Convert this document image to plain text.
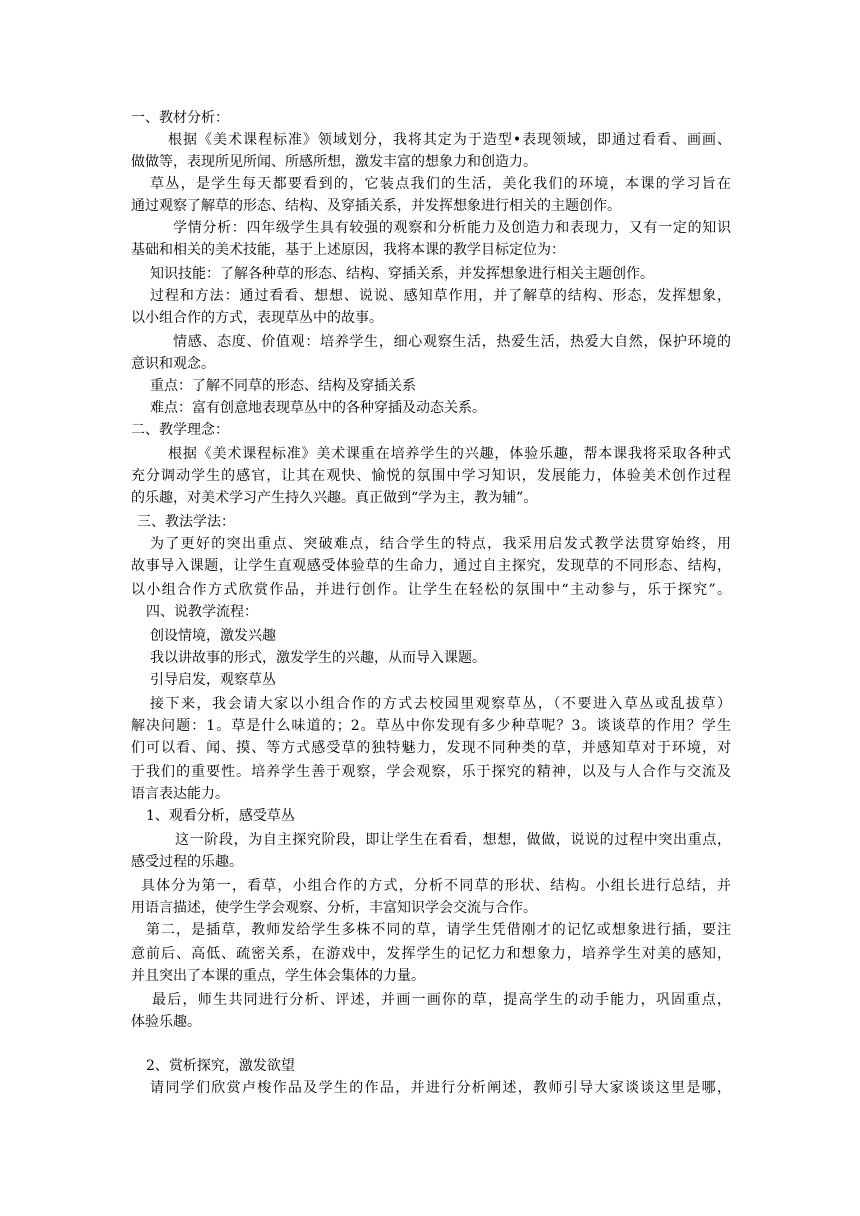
一、教材分析：
根据《美术课程标准》领域划分，我将其定为于造型•表现领域，即通过看看、画画、
做做等，表现所见所闻、所感所想，激发丰富的想象力和创造力。
草丛，是学生每天都要看到的，它装点我们的生活，美化我们的环境，本课的学习旨在
通过观察了解草的形态、结构、及穿插关系，并发挥想象进行相关的主题创作。
学情分析：四年级学生具有较强的观察和分析能力及创造力和表现力，又有一定的知识
基础和相关的美术技能，基于上述原因，我将本课的教学目标定位为：
知识技能：了解各种草的形态、结构、穿插关系，并发挥想象进行相关主题创作。
过程和方法：通过看看、想想、说说、感知草作用，并了解草的结构、形态，发挥想象，
以小组合作的方式，表现草丛中的故事。
情感、态度、价值观：培养学生，细心观察生活，热爱生活，热爱大自然，保护环境的
意识和观念。
重点：了解不同草的形态、结构及穿插关系
难点：富有创意地表现草丛中的各种穿插及动态关系。
二、教学理念：
根据《美术课程标准》美术课重在培养学生的兴趣，体验乐趣，帮本课我将采取各种式
充分调动学生的感官，让其在观快、愉悦的氛围中学习知识，发展能力，体验美术创作过程
的乐趣，对美术学习产生持久兴趣。真正做到“学为主，教为辅”。
三、教法学法：
为了更好的突出重点、突破难点，结合学生的特点，我采用启发式教学法贯穿始终，用
故事导入课题，让学生直观感受体验草的生命力，通过自主探究，发现草的不同形态、结构，
以小组合作方式欣赏作品，并进行创作。让学生在轻松的氛围中“主动参与，乐于探究”。
四、说教学流程：
创设情境，激发兴趣
我以讲故事的形式，激发学生的兴趣，从而导入课题。
引导启发，观察草丛
接下来，我会请大家以小组合作的方式去校园里观察草丛，（不要进入草丛或乱拔草）
解决问题：1。草是什么味道的；2。草丛中你发现有多少种草呢？3。谈谈草的作用？学生
们可以看、闻、摸、等方式感受草的独特魅力，发现不同种类的草，并感知草对于环境，对
于我们的重要性。培养学生善于观察，学会观察，乐于探究的精神，以及与人合作与交流及
语言表达能力。
1、观看分析，感受草丛
这一阶段，为自主探究阶段，即让学生在看看，想想，做做，说说的过程中突出重点，
感受过程的乐趣。
具体分为第一，看草，小组合作的方式，分析不同草的形状、结构。小组长进行总结，并
用语言描述，使学生学会观察、分析，丰富知识学会交流与合作。
第二，是插草，教师发给学生多株不同的草，请学生凭借刚才的记忆或想象进行插，要注
意前后、高低、疏密关系，在游戏中，发挥学生的记忆力和想象力，培养学生对美的感知，
并且突出了本课的重点，学生体会集体的力量。
最后，师生共同进行分析、评述，并画一画你的草，提高学生的动手能力，巩固重点，
体验乐趣。
2、赏析探究，激发欲望
请同学们欣赏卢梭作品及学生的作品，并进行分析阐述，教师引导大家谈谈这里是哪，
